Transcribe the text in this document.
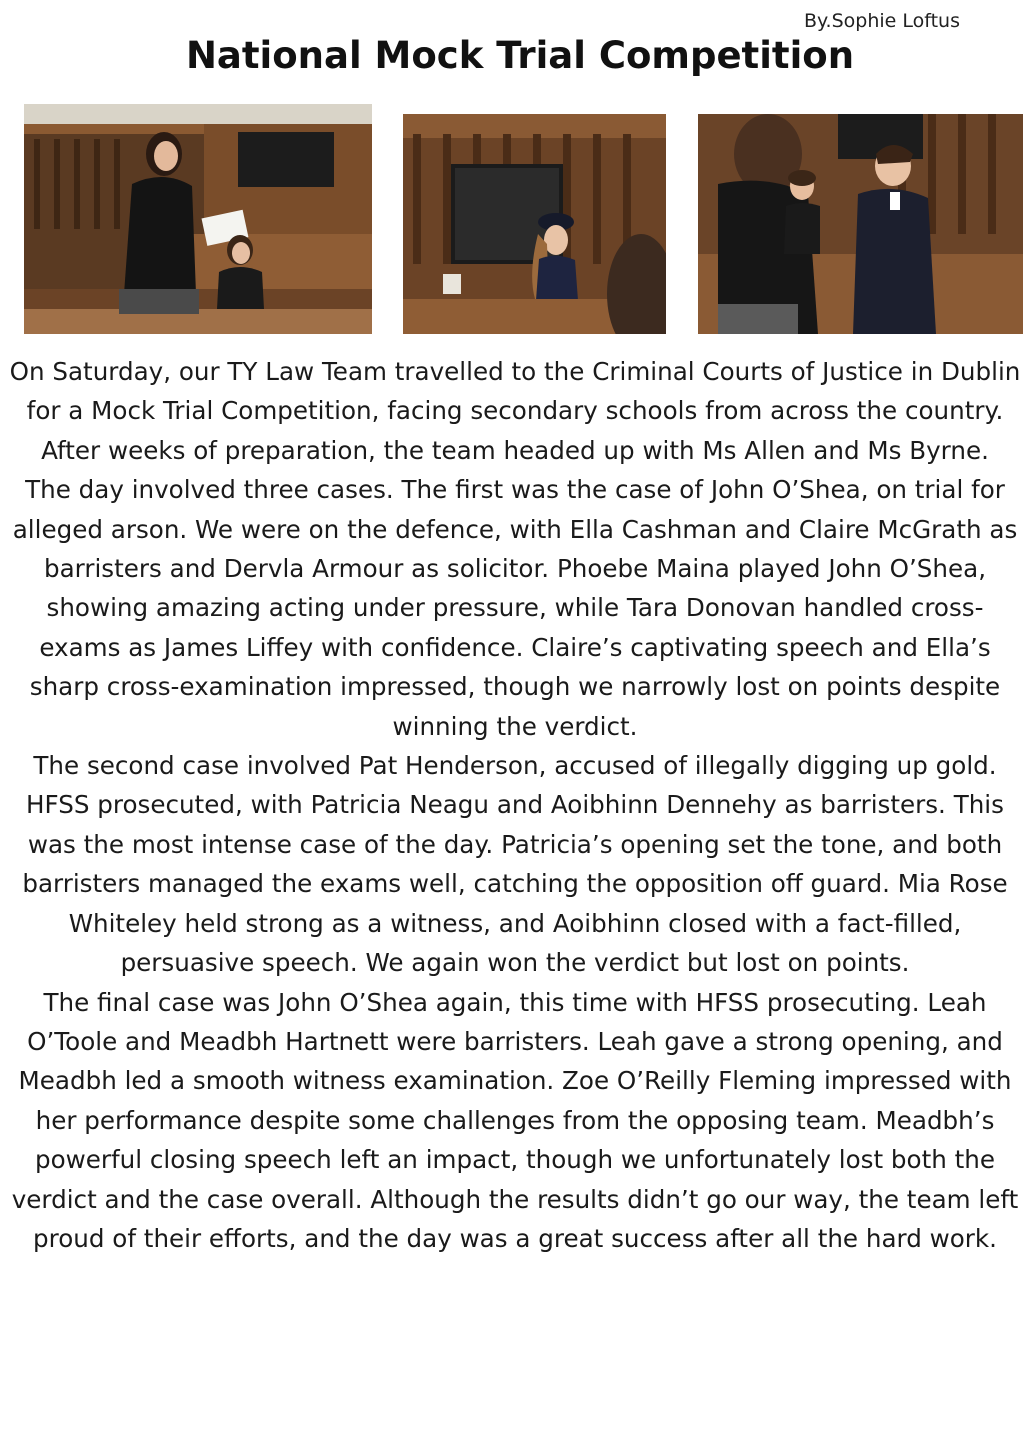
By.Sophie Loftus
National Mock Trial Competition

On Saturday, our TY Law Team travelled to the Criminal Courts of Justice in Dublin for a Mock Trial Competition, facing secondary schools from across the country. After weeks of preparation, the team headed up with Ms Allen and Ms Byrne.

The day involved three cases. The first was the case of John O’Shea, on trial for alleged arson. We were on the defence, with Ella Cashman and Claire McGrath as barristers and Dervla Armour as solicitor. Phoebe Maina played John O’Shea, showing amazing acting under pressure, while Tara Donovan handled cross-exams as James Liffey with confidence. Claire’s captivating speech and Ella’s sharp cross-examination impressed, though we narrowly lost on points despite winning the verdict.

The second case involved Pat Henderson, accused of illegally digging up gold. HFSS prosecuted, with Patricia Neagu and Aoibhinn Dennehy as barristers. This was the most intense case of the day. Patricia’s opening set the tone, and both barristers managed the exams well, catching the opposition off guard. Mia Rose Whiteley held strong as a witness, and Aoibhinn closed with a fact-filled, persuasive speech. We again won the verdict but lost on points.

The final case was John O’Shea again, this time with HFSS prosecuting. Leah O’Toole and Meadbh Hartnett were barristers. Leah gave a strong opening, and Meadbh led a smooth witness examination. Zoe O’Reilly Fleming impressed with her performance despite some challenges from the opposing team. Meadbh’s powerful closing speech left an impact, though we unfortunately lost both the verdict and the case overall. Although the results didn’t go our way, the team left proud of their efforts, and the day was a great success after all the hard work.
